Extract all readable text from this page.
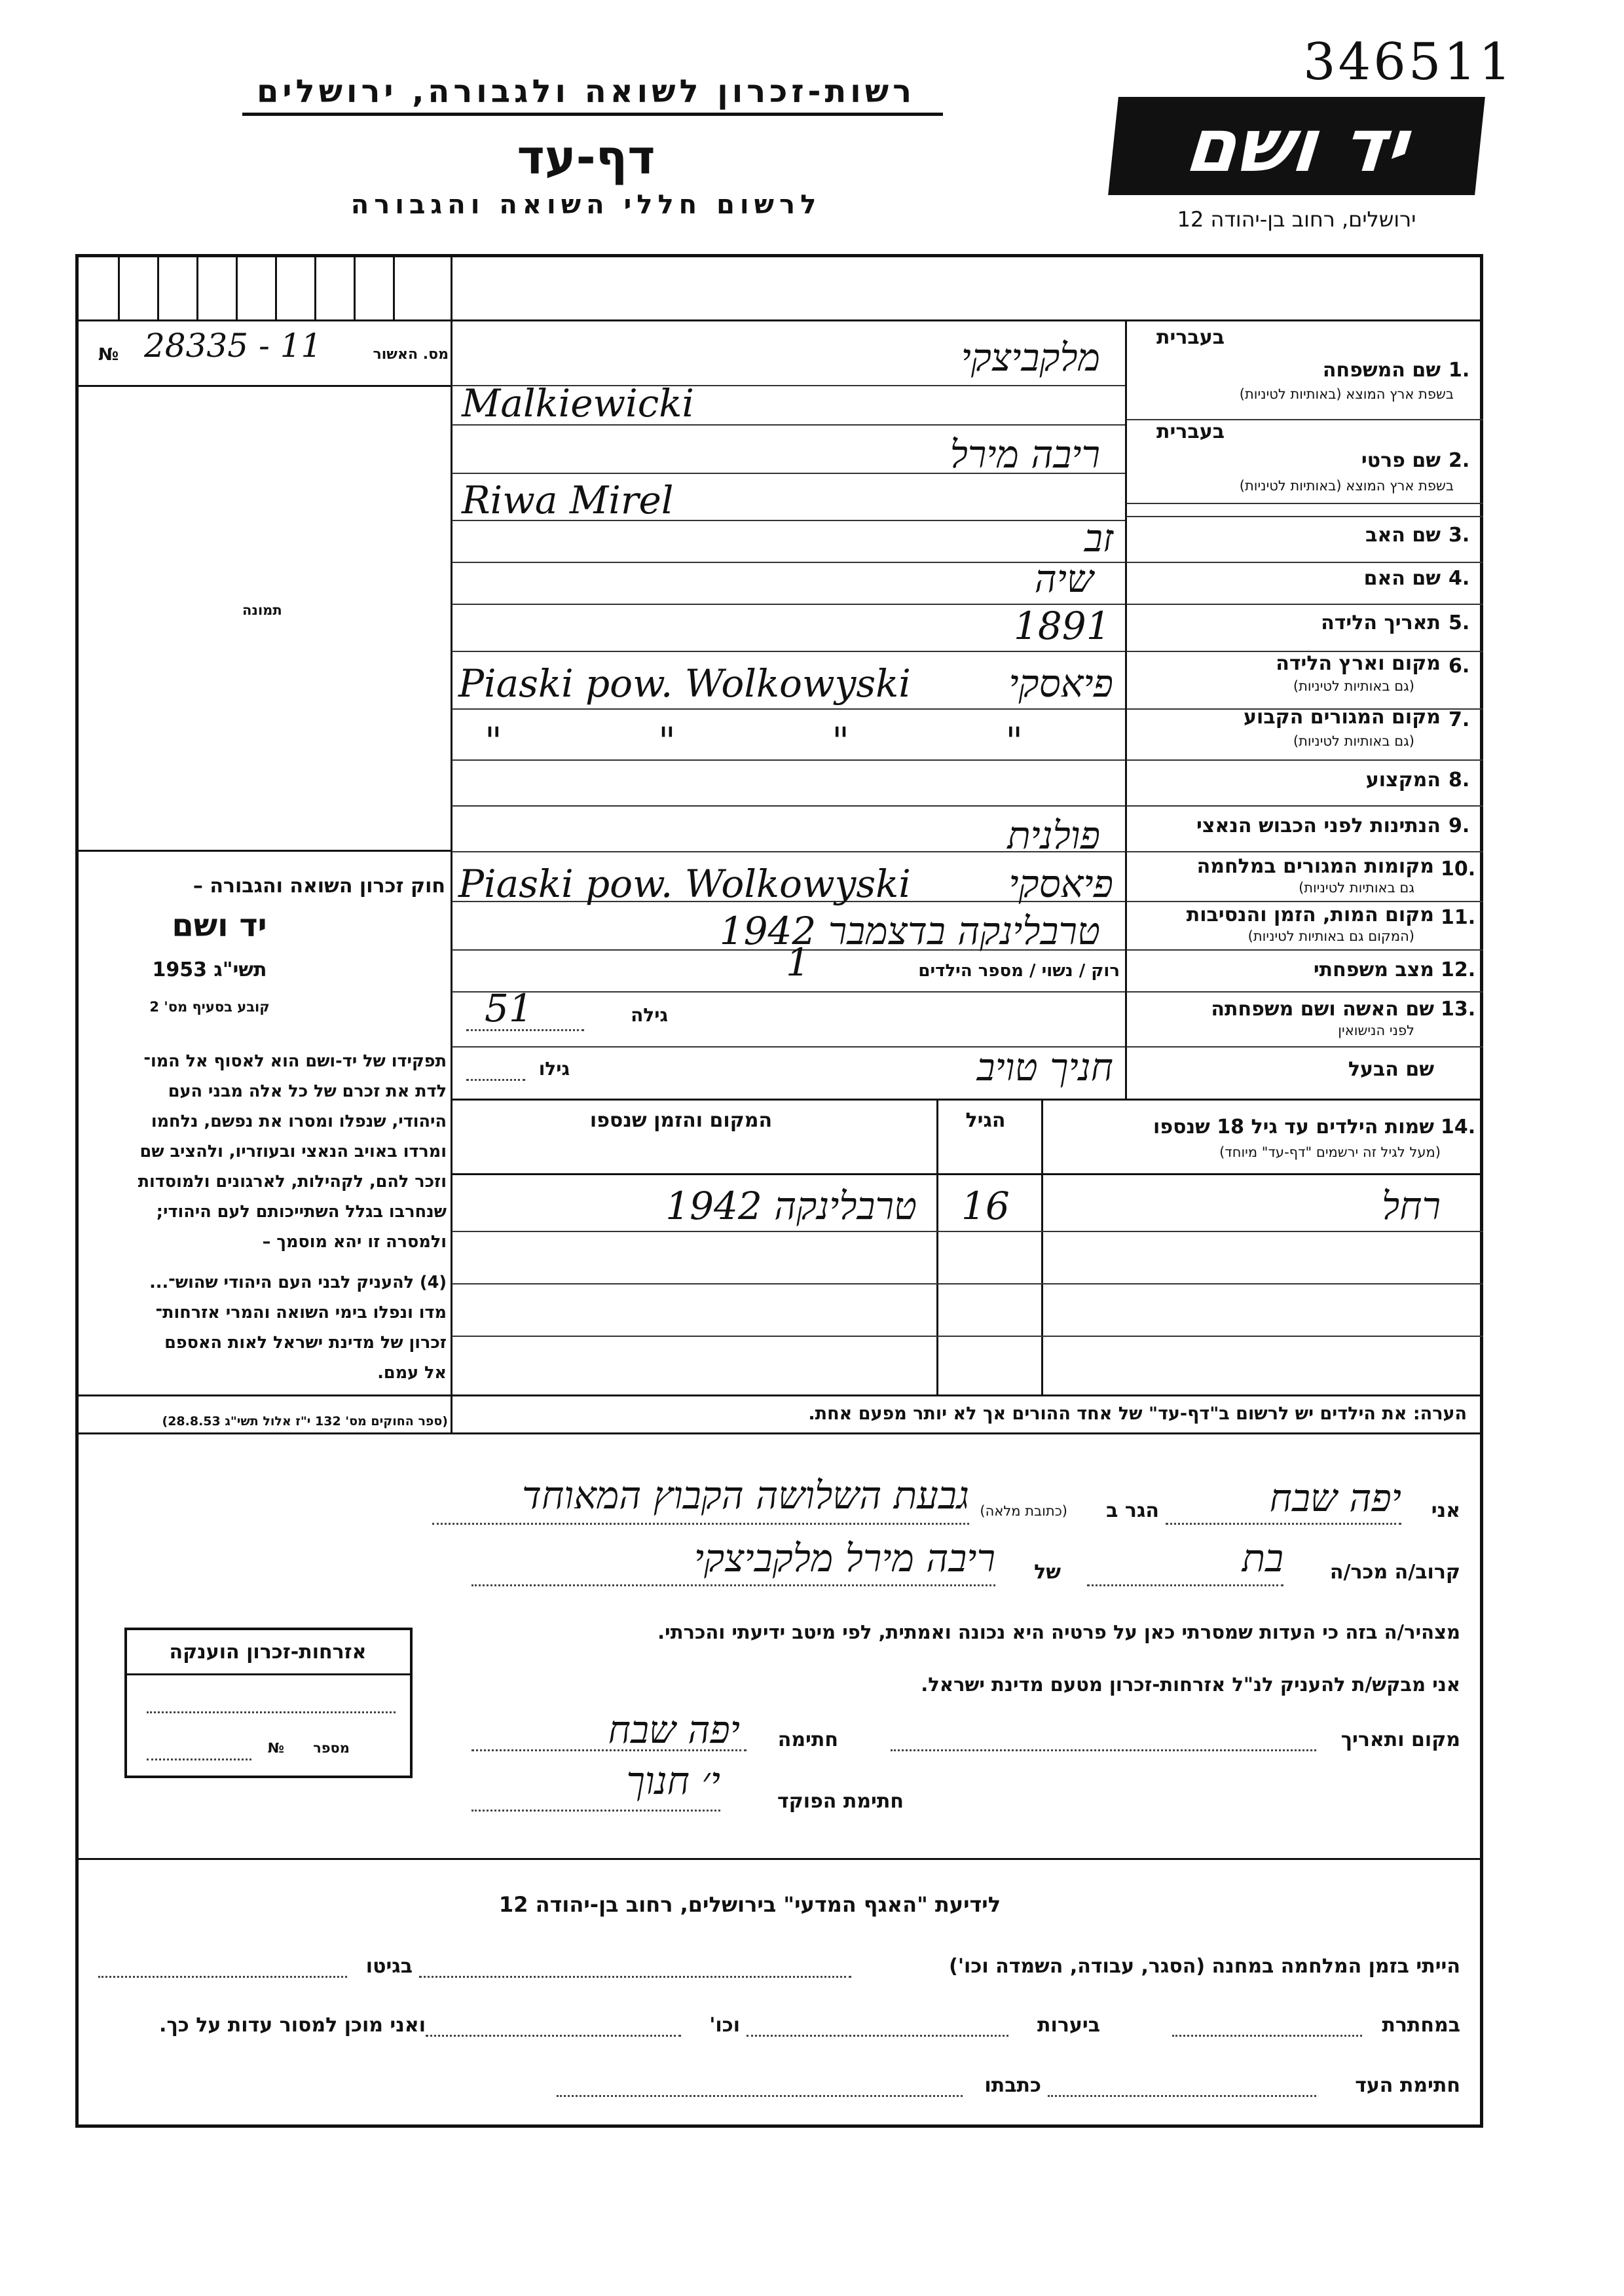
346511
רשות-זכרון לשואה ולגבורה, ירושלים
דף-עד
לרשום חללי השואה והגבורה
יד ושם
ירושלים, רחוב בן-יהודה 12
№ 28335 - 11	מס. האשור
תמונה
חוק זכרון השואה והגבורה –
יד ושם
תשי"ג 1953
קובע בסעיף מס' 2
תפקידו של יד-ושם הוא לאסוף אל המו־
לדת את זכרם של כל אלה מבני העם
היהודי, שנפלו ומסרו את נפשם, נלחמו
ומרדו באויב הנאצי ובעוזריו, ולהציב שם
וזכר להם, לקהילות, לארגונים ולמוסדות
שנחרבו בגלל השתייכותם לעם היהודי;
ולמסרה זו יהא מוסמך –
(4) להעניק לבני העם היהודי שהוש־...
מדו ונפלו בימי השואה והמרי אזרחות־
זכרון של מדינת ישראל לאות האספם
אל עמם.
(ספר החוקים מס' 132 י"ז אלול תשי"ג 28.8.53)
בעברית
1.
שם המשפחה
בשפת ארץ המוצא (באותיות לטיניות)
מלקביצקי
Malkiewicki
בעברית
2.
שם פרטי
בשפת ארץ המוצא (באותיות לטיניות)
ריבה מירל
Riwa Mirel
3.
שם האב
זב
4.
שם האם
שיה
5.
תאריך הלידה
1891
6.
מקום וארץ הלידה
(גם באותיות לטיניות)
פיאסקי
Piaski pow. Wolkowyski
7.
מקום המגורים הקבוע
(גם באותיות לטיניות)
" " " "
8.
המקצוע
9.
הנתינות לפני הכבוש הנאצי
פולנית
10.
מקומות המגורים במלחמה
גם באותיות לטיניות)
פיאסקי
Piaski pow. Wolkowyski
11.
מקום המות, הזמן והנסיבות
(המקום גם באותיות לטיניות)
טרבלינקה בדצמבר 1942
12.
מצב משפחתי
רוק / נשוי / מספר הילדים
1
13.
שם האשה ושם משפחתה
לפני הנישואין
גילה
51
שם הבעל
חניך טויב
גילו
14.
שמות הילדים עד גיל 18 שנספו
(מעל לגיל זה ירשמים "דף-עד" מיוחד)
הגיל
המקום והזמן שנספו
רחל
16
טרבלינקה 1942
הערה: את הילדים יש לרשום ב"דף-עד" של אחד ההורים אך לא יותר מפעם אחת.
אני
יפה שבח
הגר ב
(כתובת מלאה)
גבעת השלושה הקבוץ המאוחד
קרוב/ה מכר/ה
בת
של
ריבה מירל מלקביצקי
מצהיר/ה בזה כי העדות שמסרתי כאן על פרטיה היא נכונה ואמתית, לפי מיטב ידיעתי והכרתי.
אני מבקש/ת להעניק לנ"ל אזרחות-זכרון מטעם מדינת ישראל.
מקום ותאריך
חתימה
יפה שבח
חתימת הפוקד
י׳ חנוך
אזרחות-זכרון הוענקה
מספר
№
לידיעת "האגף המדעי" בירושלים, רחוב בן-יהודה 12
הייתי בזמן המלחמה במחנה (הסגר, עבודה, השמדה וכו')
בגיטו
במחתרת
ביערות
וכו'
ואני מוכן למסור עדות על כך.
חתימת העד
כתבתו
